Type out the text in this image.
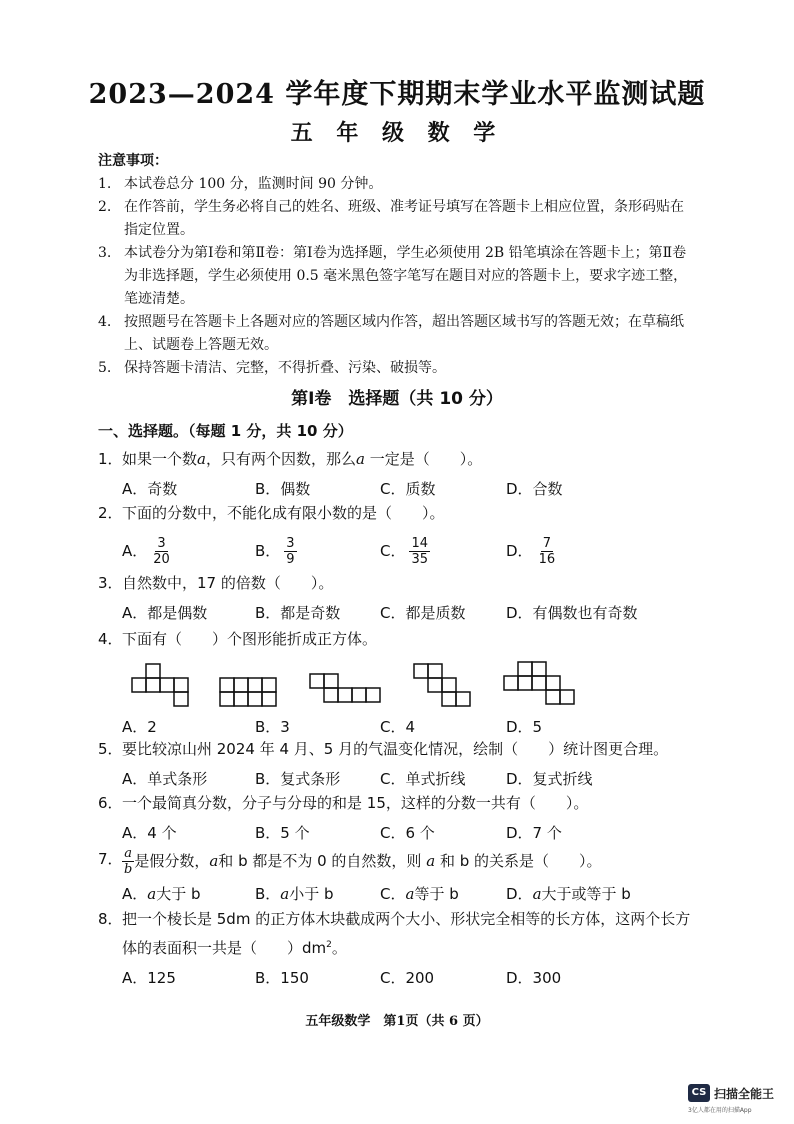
2023—2024 学年度下期期末学业水平监测试题
五 年 级 数 学
注意事项：
1. 本试卷总分 100 分，监测时间 90 分钟。
2. 在作答前，学生务必将自己的姓名、班级、准考证号填写在答题卡上相应位置，条形码贴在指定位置。
3. 本试卷分为第Ⅰ卷和第Ⅱ卷：第Ⅰ卷为选择题，学生必须使用 2B 铅笔填涂在答题卡上；第Ⅱ卷为非选择题，学生必须使用 0.5 毫米黑色签字笔写在题目对应的答题卡上，要求字迹工整，笔迹清楚。
4. 按照题号在答题卡上各题对应的答题区域内作答，超出答题区域书写的答题无效；在草稿纸上、试题卷上答题无效。
5. 保持答题卡清洁、完整，不得折叠、污染、破损等。
第Ⅰ卷　选择题（共 10 分）
一、选择题。（每题 1 分，共 10 分）
1． 如果一个数a，只有两个因数，那么a 一定是（　　）。
A．奇数	B．偶数	C．质数	D．合数
2． 下面的分数中，不能化成有限小数的是（　　）。
A． $\frac{3}{20}$	B． $\frac{3}{9}$	C． $\frac{14}{35}$	D． $\frac{7}{16}$
3． 自然数中，17 的倍数（　　）。
A．都是偶数	B．都是奇数	C．都是质数	D．有偶数也有奇数
4． 下面有（　　）个图形能折成正方体。
A．2	B．3	C．4	D．5
5． 要比较凉山州 2024 年 4 月、5 月的气温变化情况，绘制（　　）统计图更合理。
A．单式条形	B．复式条形	C．单式折线	D．复式折线
6． 一个最简真分数，分子与分母的和是 15，这样的分数一共有（　　）。
A．4 个	B．5 个	C．6 个	D．7 个
7． $\frac{a}{b}$ 是假分数，a和 b 都是不为 0 的自然数，则 a 和 b 的关系是（　　）。
A．a大于 b	B．a小于 b	C．a等于 b	D．a大于或等于 b
8． 把一个棱长是 5dm 的正方体木块截成两个大小、形状完全相等的长方体，这两个长方体的表面积一共是（　　）$dm^2$。
A．125	B．150	C．200	D．300
五年级数学　第1页（共 6 页）
CS 扫描全能王
3亿人都在用的扫描App
